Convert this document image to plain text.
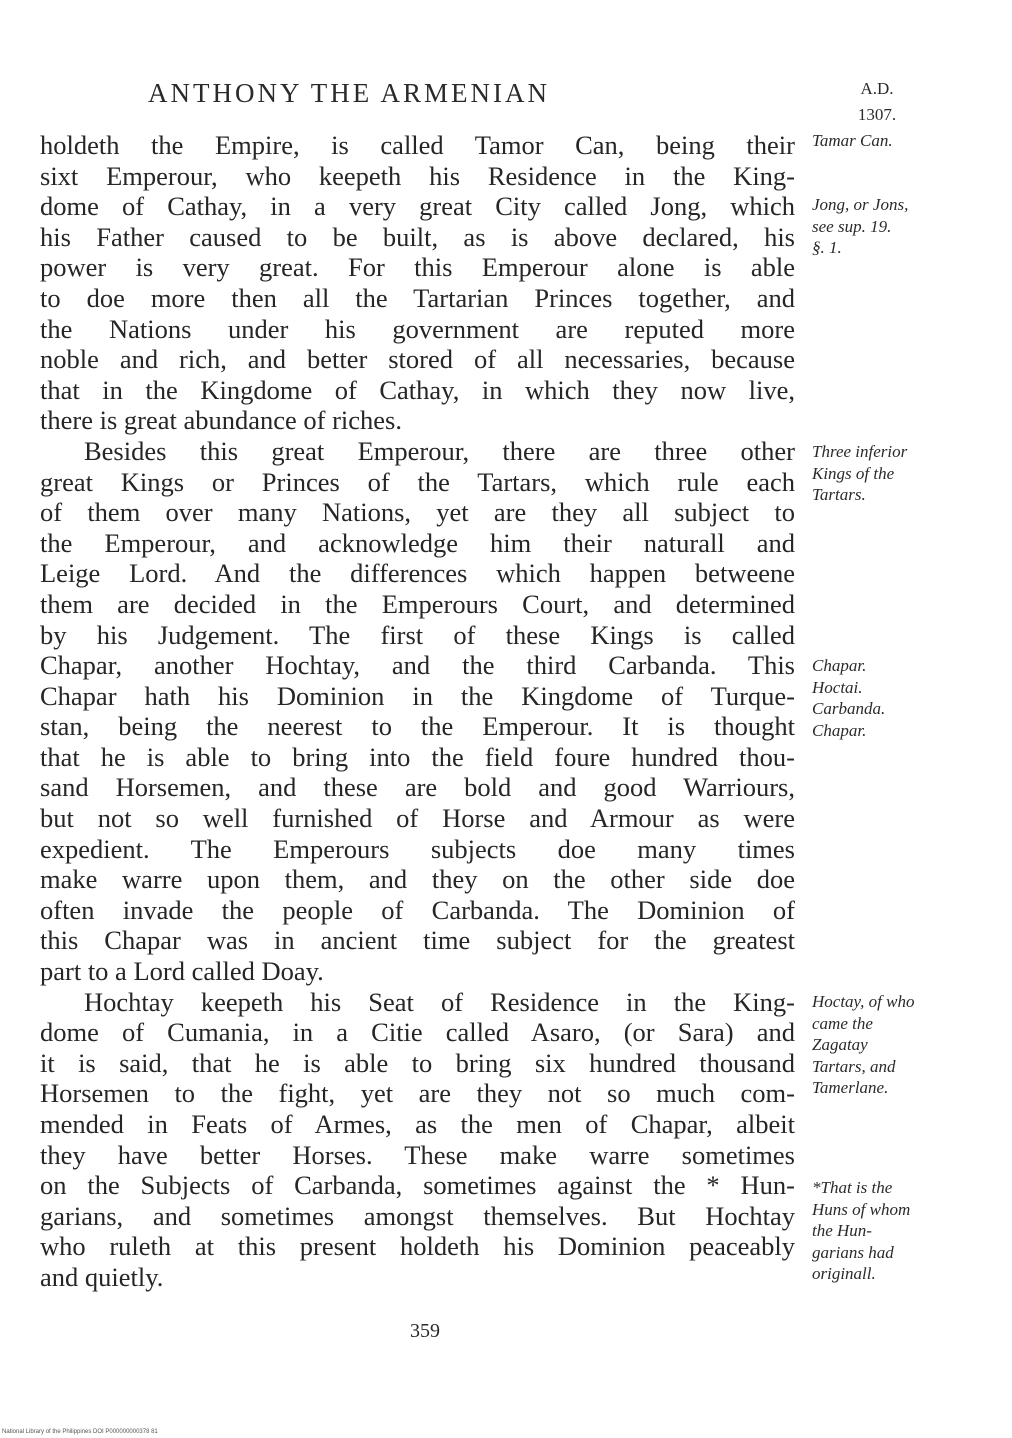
ANTHONY THE ARMENIAN	A.D.
1307.
holdeth the Empire, is called Tamor Can, being their
sixt Emperour, who keepeth his Residence in the King-
dome of Cathay, in a very great City called Jong, which
his Father caused to be built, as is above declared, his
power is very great. For this Emperour alone is able
to doe more then all the Tartarian Princes together, and
the Nations under his government are reputed more
noble and rich, and better stored of all necessaries, because
that in the Kingdome of Cathay, in which they now live,
there is great abundance of riches.
Besides this great Emperour, there are three other
great Kings or Princes of the Tartars, which rule each
of them over many Nations, yet are they all subject to
the Emperour, and acknowledge him their naturall and
Leige Lord. And the differences which happen betweene
them are decided in the Emperours Court, and determined
by his Judgement. The first of these Kings is called
Chapar, another Hochtay, and the third Carbanda. This
Chapar hath his Dominion in the Kingdome of Turque-
stan, being the neerest to the Emperour. It is thought
that he is able to bring into the field foure hundred thou-
sand Horsemen, and these are bold and good Warriours,
but not so well furnished of Horse and Armour as were
expedient. The Emperours subjects doe many times
make warre upon them, and they on the other side doe
often invade the people of Carbanda. The Dominion of
this Chapar was in ancient time subject for the greatest
part to a Lord called Doay.
Hochtay keepeth his Seat of Residence in the King-
dome of Cumania, in a Citie called Asaro, (or Sara) and
it is said, that he is able to bring six hundred thousand
Horsemen to the fight, yet are they not so much com-
mended in Feats of Armes, as the men of Chapar, albeit
they have better Horses. These make warre sometimes
on the Subjects of Carbanda, sometimes against the * Hun-
garians, and sometimes amongst themselves. But Hochtay
who ruleth at this present holdeth his Dominion peaceably
and quietly.
Tamar Can.
Jong, or Jons,
see sup. 19.
§. 1.
Three inferior
Kings of the
Tartars.
Chapar.
Hoctai.
Carbanda.
Chapar.
Hoctay, of who
came the
Zagatay
Tartars, and
Tamerlane.
*That is the
Huns of whom
the Hun-
garians had
originall.
359
National Library of the Philippines DOI P000000000378 81
